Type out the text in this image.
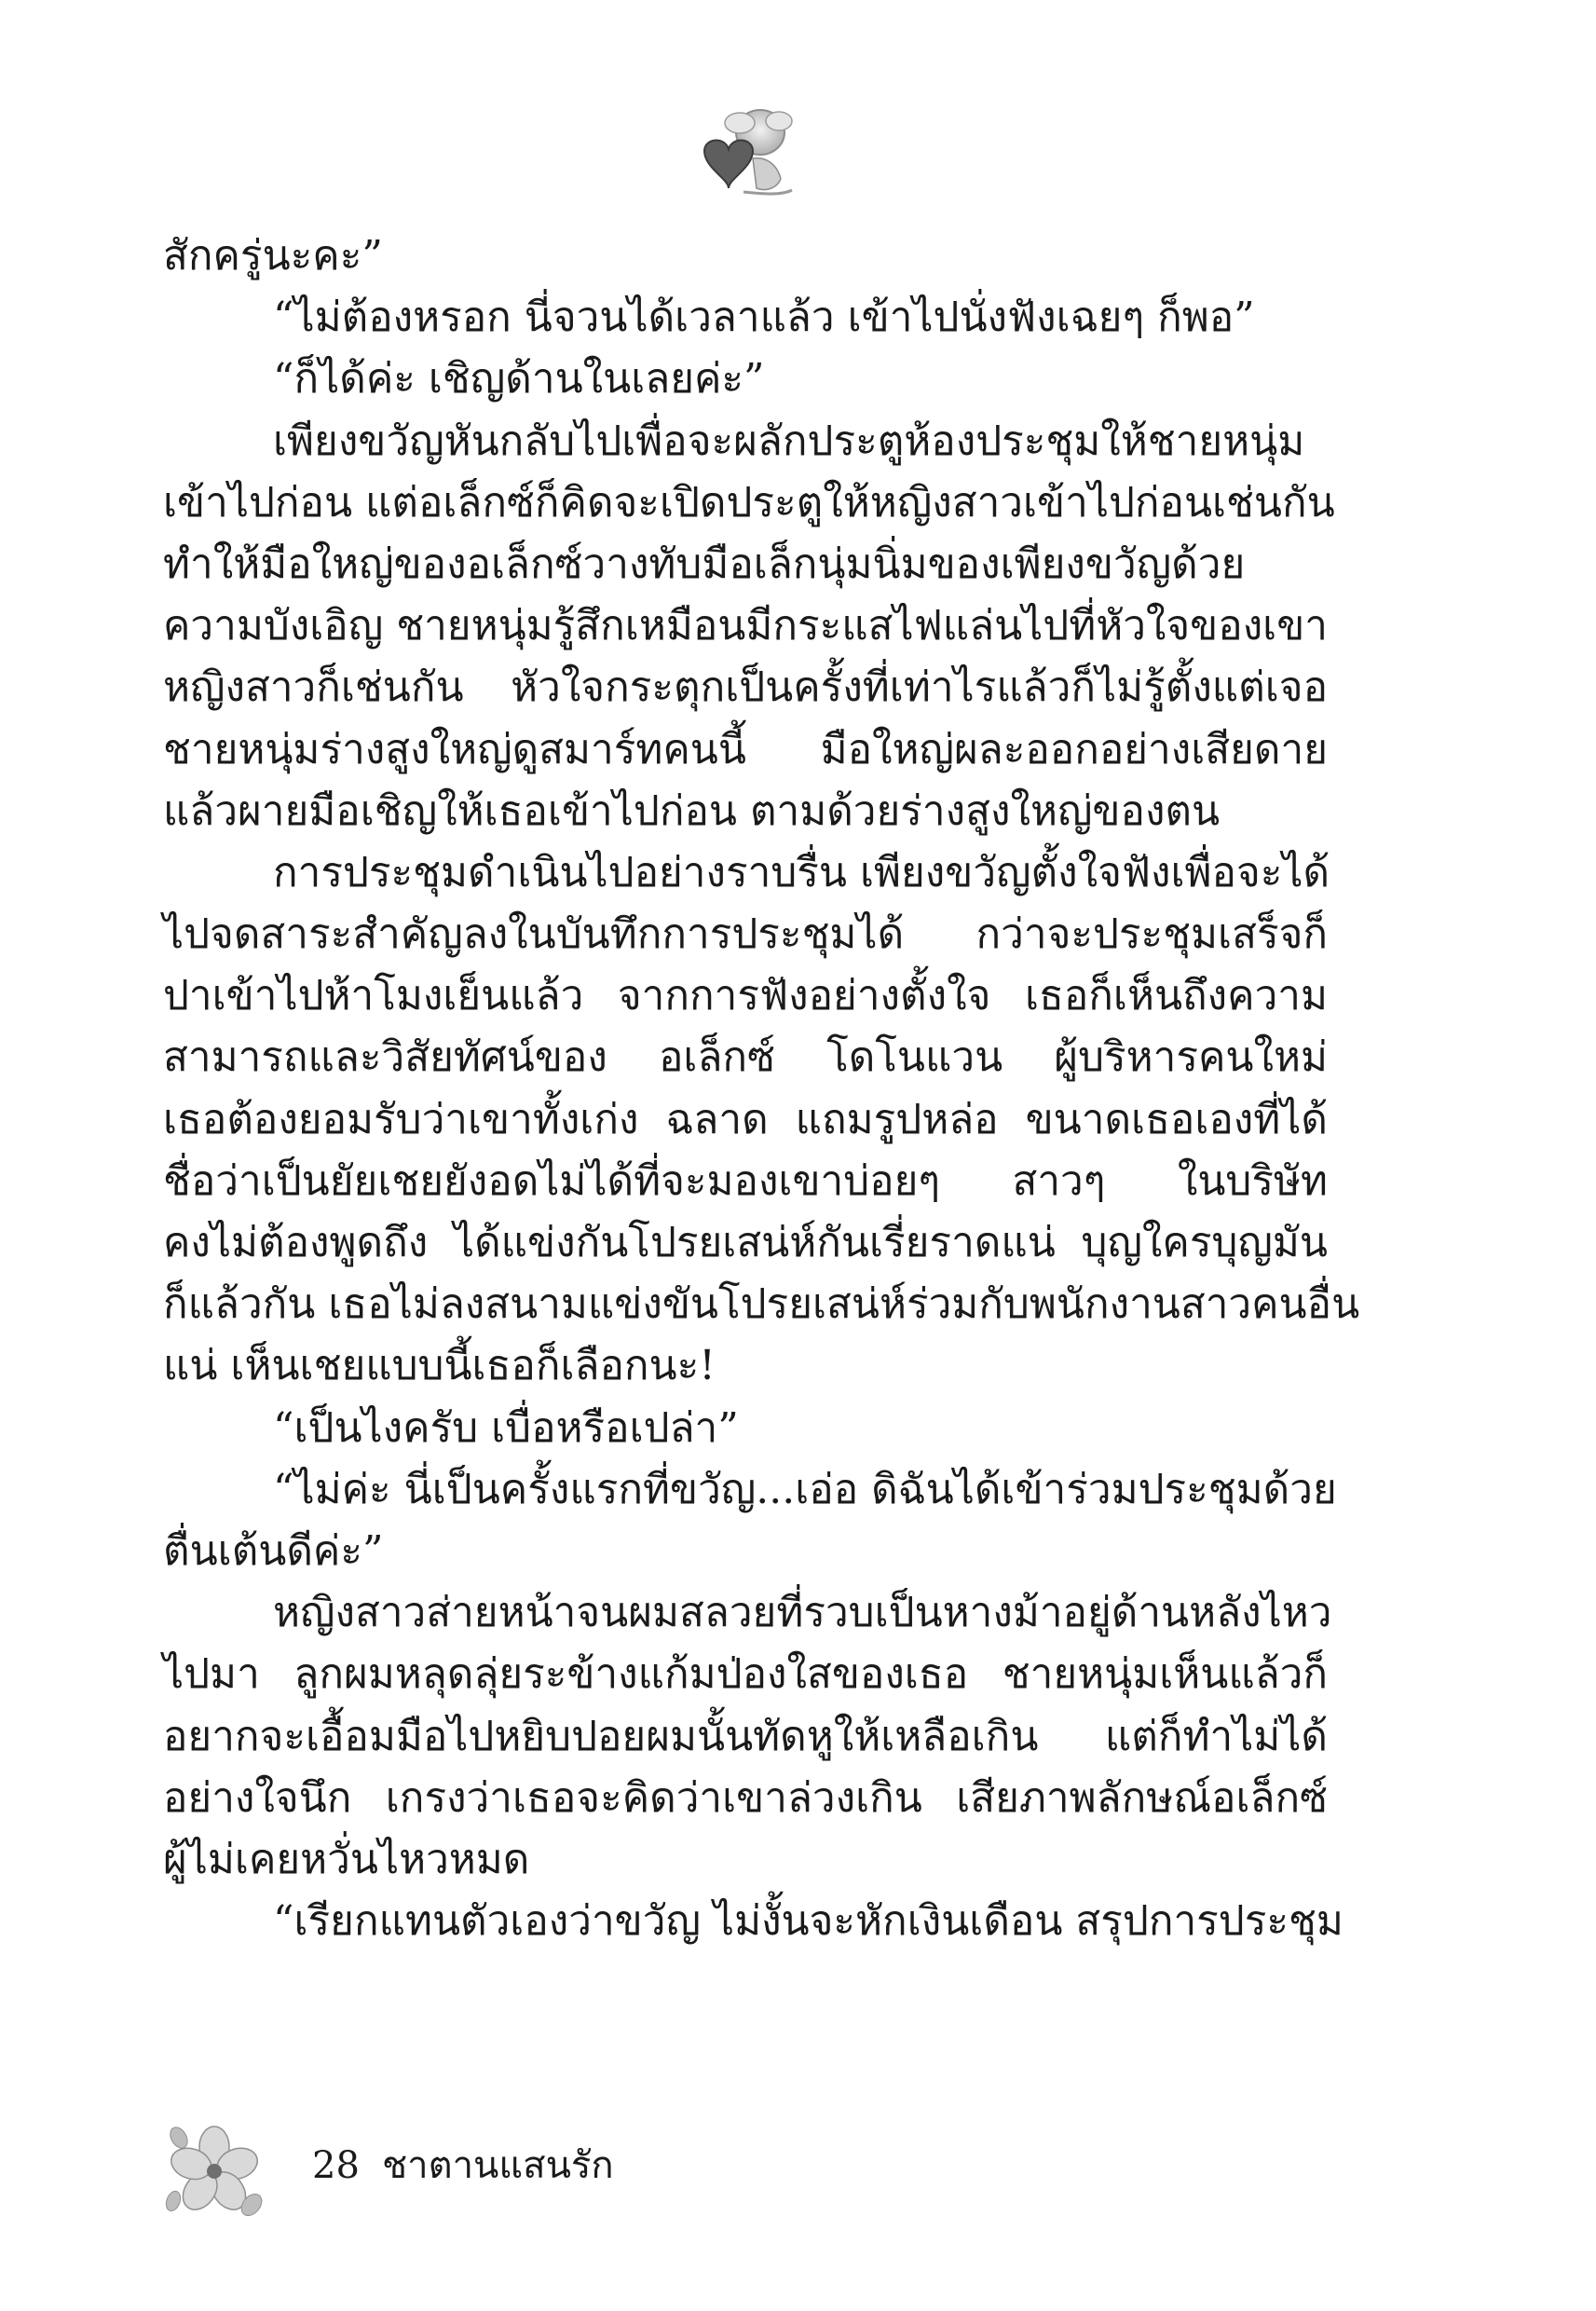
สักครู่นะคะ”
“ไม่ต้องหรอก นี่จวนได้เวลาแล้ว เข้าไปนั่งฟังเฉยๆ ก็พอ”
“ก็ได้ค่ะ เชิญด้านในเลยค่ะ”
เพียงขวัญหันกลับไปเพื่อจะผลักประตูห้องประชุมให้ชายหนุ่ม
เข้าไปก่อน แต่อเล็กซ์ก็คิดจะเปิดประตูให้หญิงสาวเข้าไปก่อนเช่นกัน
ทำให้มือใหญ่ของอเล็กซ์วางทับมือเล็กนุ่มนิ่มของเพียงขวัญด้วย
ความบังเอิญ ชายหนุ่มรู้สึกเหมือนมีกระแสไฟแล่นไปที่หัวใจของเขา
หญิงสาวก็เช่นกัน หัวใจกระตุกเป็นครั้งที่เท่าไรแล้วก็ไม่รู้ตั้งแต่เจอ
ชายหนุ่มร่างสูงใหญ่ดูสมาร์ทคนนี้ มือใหญ่ผละออกอย่างเสียดาย
แล้วผายมือเชิญให้เธอเข้าไปก่อน ตามด้วยร่างสูงใหญ่ของตน
การประชุมดำเนินไปอย่างราบรื่น เพียงขวัญตั้งใจฟังเพื่อจะได้
ไปจดสาระสำคัญลงในบันทึกการประชุมได้ กว่าจะประชุมเสร็จก็
ปาเข้าไปห้าโมงเย็นแล้ว จากการฟังอย่างตั้งใจ เธอก็เห็นถึงความ
สามารถและวิสัยทัศน์ของ อเล็กซ์ โดโนแวน ผู้บริหารคนใหม่
เธอต้องยอมรับว่าเขาทั้งเก่ง ฉลาด แถมรูปหล่อ ขนาดเธอเองที่ได้
ชื่อว่าเป็นยัยเชยยังอดไม่ได้ที่จะมองเขาบ่อยๆ สาวๆ ในบริษัท
คงไม่ต้องพูดถึง ได้แข่งกันโปรยเสน่ห์กันเรี่ยราดแน่ บุญใครบุญมัน
ก็แล้วกัน เธอไม่ลงสนามแข่งขันโปรยเสน่ห์ร่วมกับพนักงานสาวคนอื่น
แน่ เห็นเชยแบบนี้เธอก็เลือกนะ!
“เป็นไงครับ เบื่อหรือเปล่า”
“ไม่ค่ะ นี่เป็นครั้งแรกที่ขวัญ...เอ่อ ดิฉันได้เข้าร่วมประชุมด้วย
ตื่นเต้นดีค่ะ”
หญิงสาวส่ายหน้าจนผมสลวยที่รวบเป็นหางม้าอยู่ด้านหลังไหว
ไปมา ลูกผมหลุดลุ่ยระข้างแก้มป่องใสของเธอ ชายหนุ่มเห็นแล้วก็
อยากจะเอื้อมมือไปหยิบปอยผมนั้นทัดหูให้เหลือเกิน แต่ก็ทำไม่ได้
อย่างใจนึก เกรงว่าเธอจะคิดว่าเขาล่วงเกิน เสียภาพลักษณ์อเล็กซ์
ผู้ไม่เคยหวั่นไหวหมด
“เรียกแทนตัวเองว่าขวัญ ไม่งั้นจะหักเงินเดือน สรุปการประชุม
28 ชาตานแสนรัก
